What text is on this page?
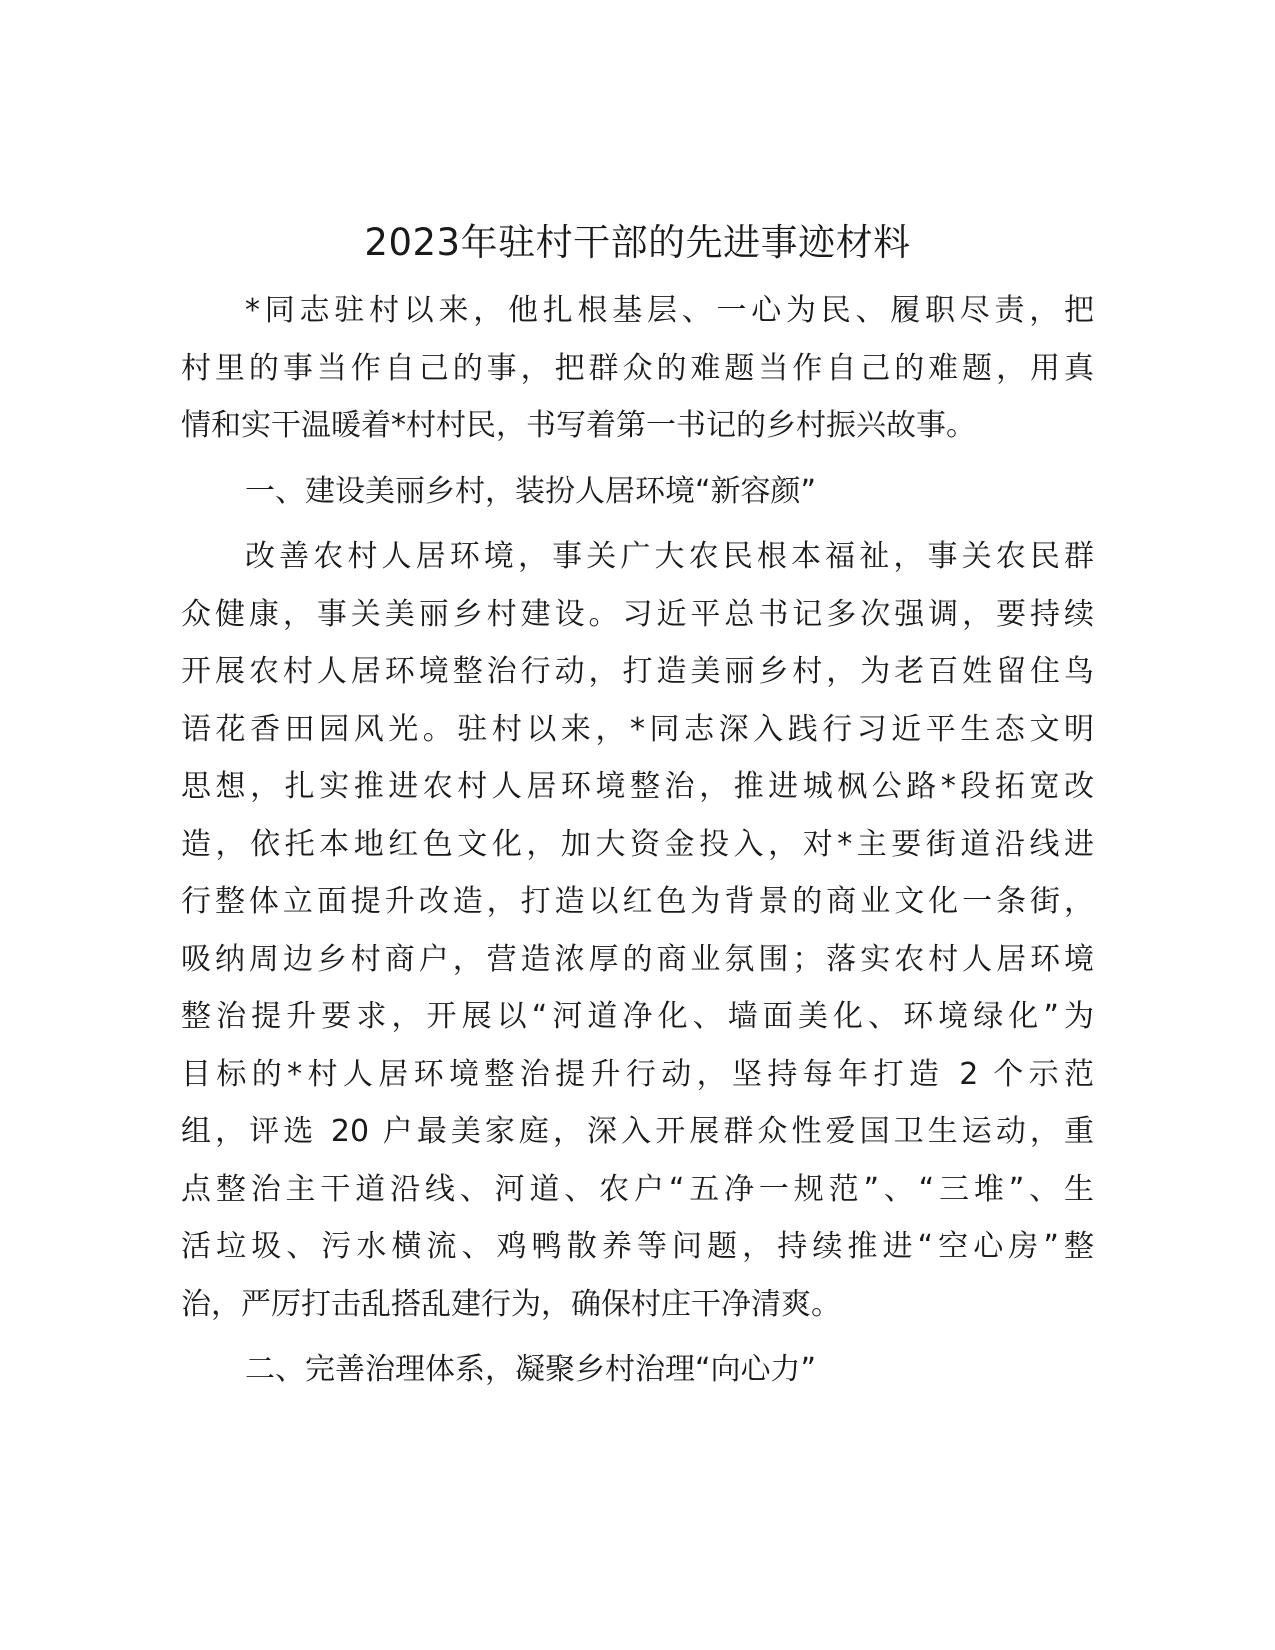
2023年驻村干部的先进事迹材料

*同志驻村以来，他扎根基层、一心为民、履职尽责，把
村里的事当作自己的事，把群众的难题当作自己的难题，用真
情和实干温暖着*村村民，书写着第一书记的乡村振兴故事。

一、建设美丽乡村，装扮人居环境“新容颜”

改善农村人居环境，事关广大农民根本福祉，事关农民群
众健康，事关美丽乡村建设。习近平总书记多次强调，要持续
开展农村人居环境整治行动，打造美丽乡村，为老百姓留住鸟
语花香田园风光。驻村以来，*同志深入践行习近平生态文明
思想，扎实推进农村人居环境整治，推进城枫公路*段拓宽改
造，依托本地红色文化，加大资金投入，对*主要街道沿线进
行整体立面提升改造，打造以红色为背景的商业文化一条街，
吸纳周边乡村商户，营造浓厚的商业氛围；落实农村人居环境
整治提升要求，开展以“河道净化、墙面美化、环境绿化”为
目标的*村人居环境整治提升行动，坚持每年打造 2 个示范
组，评选 20 户最美家庭，深入开展群众性爱国卫生运动，重
点整治主干道沿线、河道、农户“五净一规范”、“三堆”、生
活垃圾、污水横流、鸡鸭散养等问题，持续推进“空心房”整
治，严厉打击乱搭乱建行为，确保村庄干净清爽。

二、完善治理体系，凝聚乡村治理“向心力”
